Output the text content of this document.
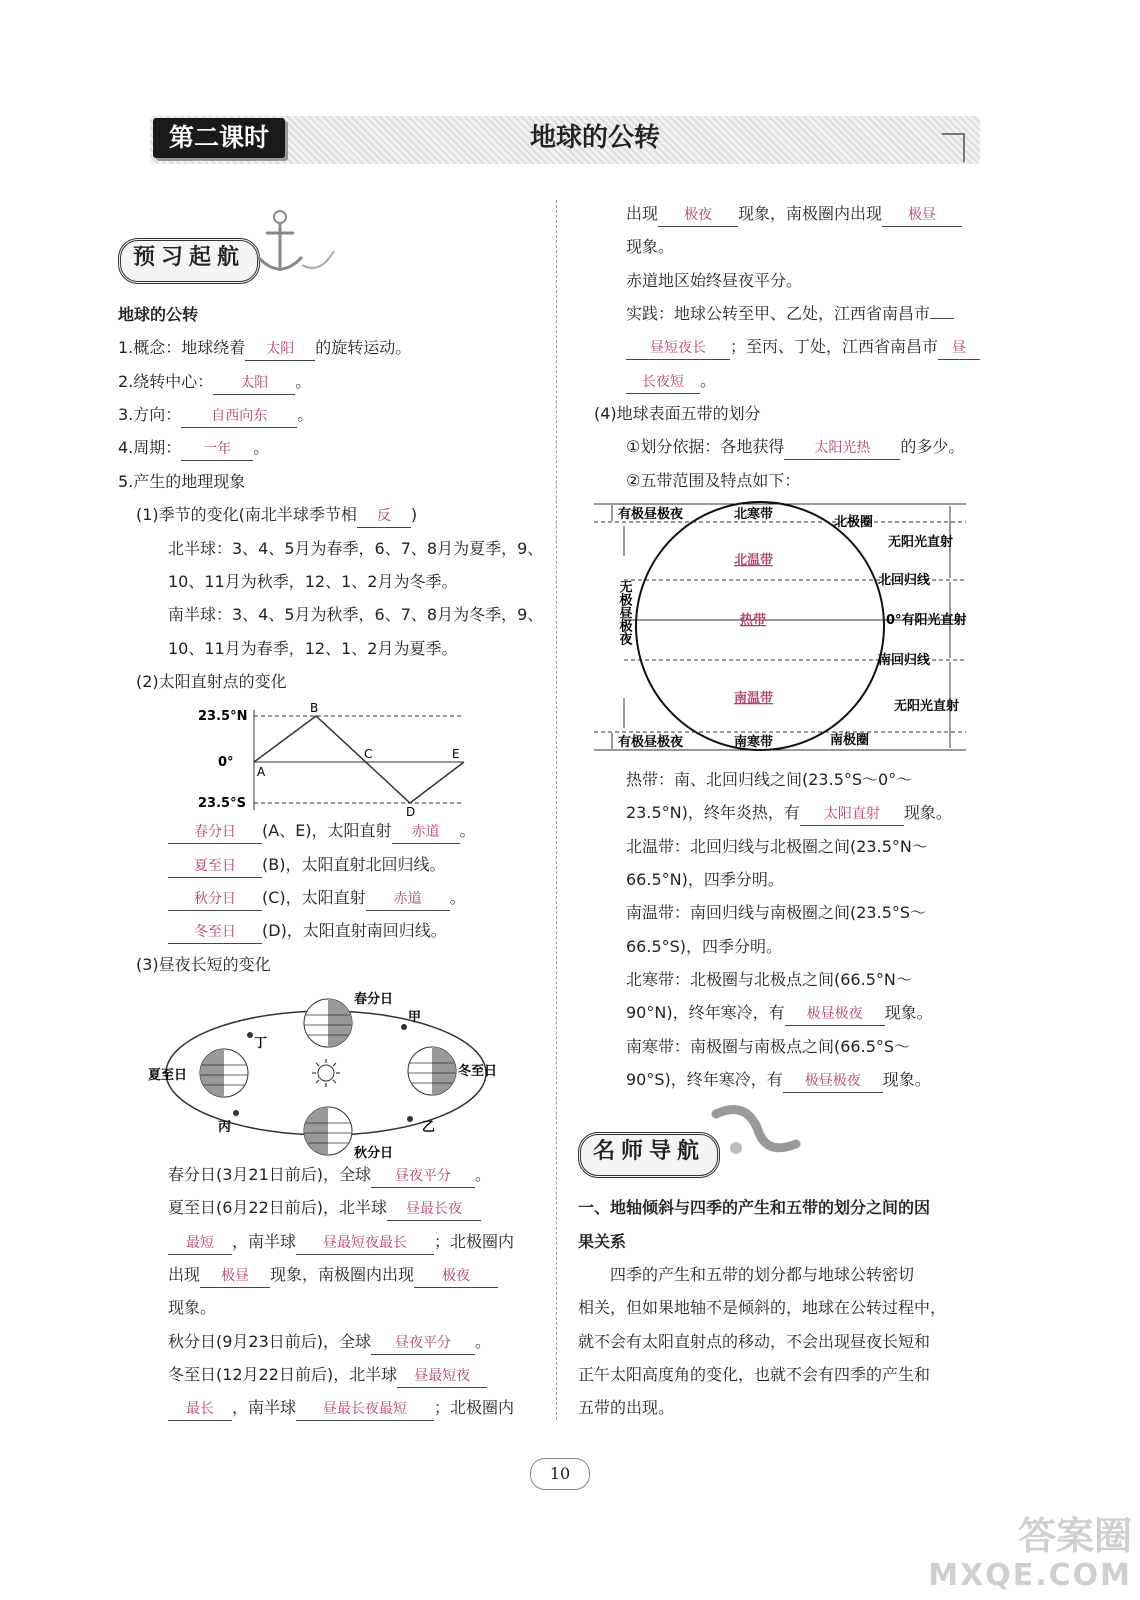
第二课时	地球的公转
预习起航
地球的公转
1.概念：地球绕着 太阳 的旋转运动。
2.绕转中心： 太阳 。
3.方向： 自西向东 。
4.周期： 一年 。
5.产生的地理现象
(1)季节的变化(南北半球季节相 反 )
北半球：3、4、5月为春季，6、7、8月为夏季，9、
10、11月为秋季，12、1、2月为冬季。
南半球：3、4、5月为秋季，6、7、8月为冬季，9、
10、11月为春季，12、1、2月为夏季。
(2)太阳直射点的变化
23.5°N
0°
23.5°S
A
B
C
D
E
春分日 (A、E)，太阳直射 赤道 。
夏至日 (B)，太阳直射北回归线。
秋分日 (C)，太阳直射 赤道 。
冬至日 (D)，太阳直射南回归线。
(3)昼夜长短的变化
春分日
夏至日
秋分日
冬至日
甲
乙
丙
丁
春分日(3月21日前后)，全球 昼夜平分 。
夏至日(6月22日前后)，北半球 昼最长夜
最短 ，南半球 昼最短夜最长 ；北极圈内
出现 极昼 现象，南极圈内出现 极夜
现象。
秋分日(9月23日前后)，全球 昼夜平分 。
冬至日(12月22日前后)，北半球 昼最短夜
最长 ，南半球 昼最长夜最短 ；北极圈内
出现 极夜 现象，南极圈内出现 极昼
现象。
赤道地区始终昼夜平分。
实践：地球公转至甲、乙处，江西省南昌市
昼短夜长 ；至丙、丁处，江西省南昌市 昼
长夜短 。
(4)地球表面五带的划分
①划分依据：各地获得 太阳光热 的多少。
②五带范围及特点如下：
有极昼极夜
有极昼极夜
北寒带
北温带
热带
南温带
南寒带
北极圈
北回归线
0°有阳光直射
南回归线
南极圈
无阳光直射
无阳光直射
无极昼极夜
热带：南、北回归线之间(23.5°S～0°～
23.5°N)，终年炎热，有 太阳直射 现象。
北温带：北回归线与北极圈之间(23.5°N～
66.5°N)，四季分明。
南温带：南回归线与南极圈之间(23.5°S～
66.5°S)，四季分明。
北寒带：北极圈与北极点之间(66.5°N～
90°N)，终年寒冷，有 极昼极夜 现象。
南寒带：南极圈与南极点之间(66.5°S～
90°S)，终年寒冷，有 极昼极夜 现象。
名师导航
一、地轴倾斜与四季的产生和五带的划分之间的因
果关系
四季的产生和五带的划分都与地球公转密切
相关，但如果地轴不是倾斜的，地球在公转过程中，
就不会有太阳直射点的移动，不会出现昼夜长短和
正午太阳高度角的变化，也就不会有四季的产生和
五带的出现。
10
答案圈
MXQE.COM
